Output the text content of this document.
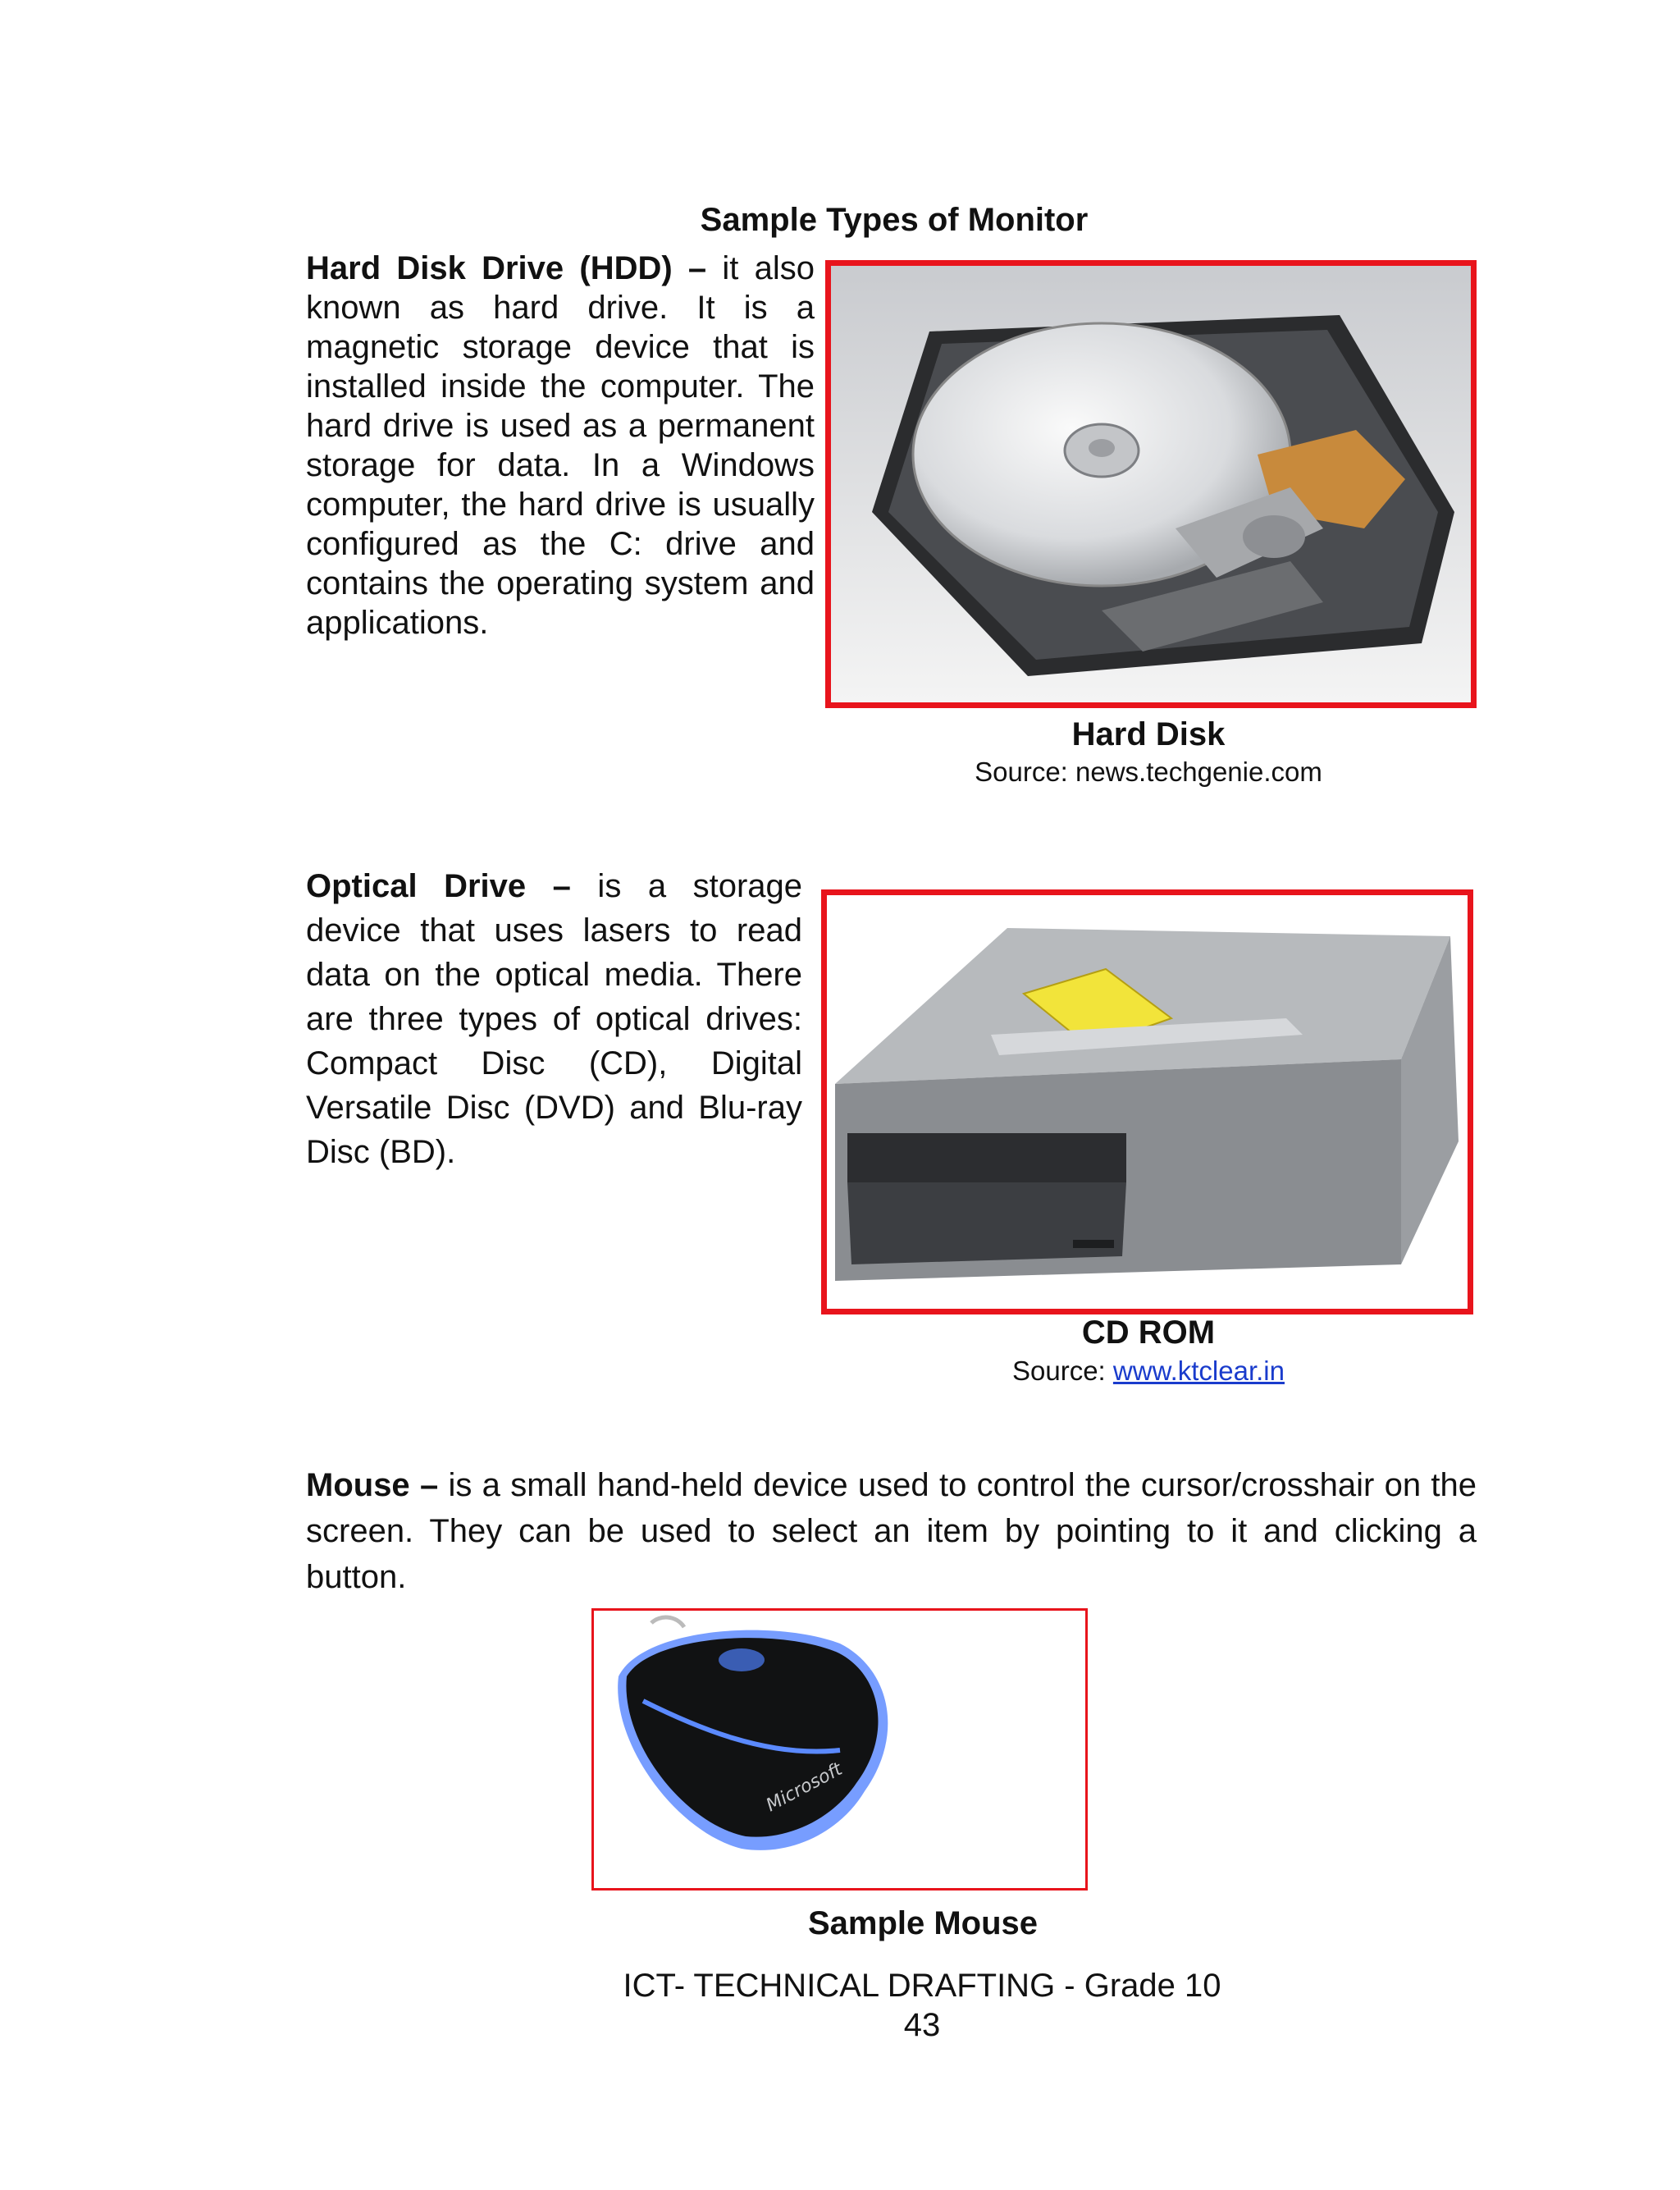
Sample Types of Monitor
Hard Disk Drive (HDD) – it also known as hard drive. It is a magnetic storage device that is installed inside the computer. The hard drive is used as a permanent storage for data. In a Windows computer, the hard drive is usually configured as the C: drive and contains the operating system and applications.
Hard Disk
Source: news.techgenie.com
Optical Drive – is a storage device that uses lasers to read data on the optical media. There are three types of optical drives: Compact Disc (CD), Digital Versatile Disc (DVD) and Blu-ray Disc (BD).
CD ROM
Source: www.ktclear.in
Mouse – is a small hand-held device used to control the cursor/crosshair on the screen. They can be used to select an item by pointing to it and clicking a button.
Microsoft
Sample Mouse
ICT- TECHNICAL DRAFTING - Grade 10
43
